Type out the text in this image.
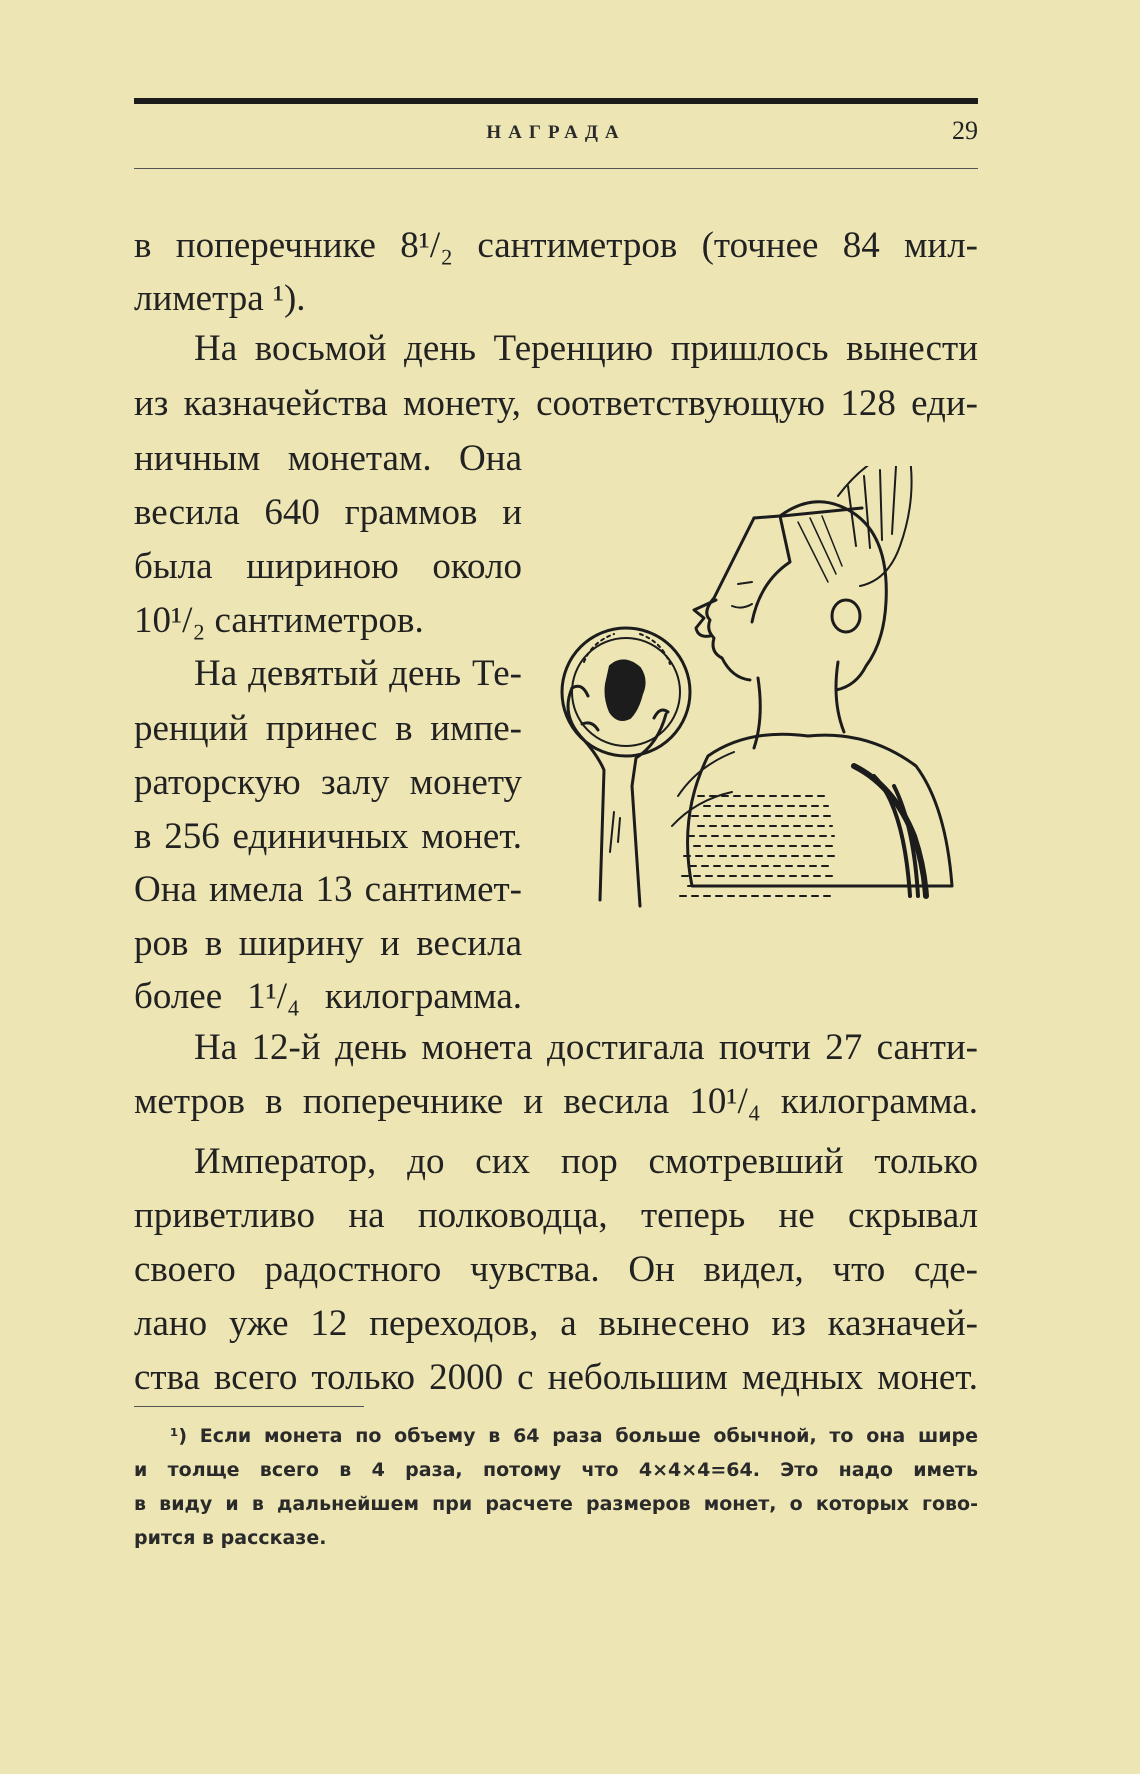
НАГРАДА	29
в поперечнике 8¹/₂ сантиметров (точнее 84 мил-
лиметра ¹).
На восьмой день Теренцию пришлось вынести
из казначейства монету, соответствующую 128 еди-
ничным монетам. Она
весила 640 граммов и
была шириною около
10¹/₂ сантиметров.
На девятый день Те-
ренций принес в импе-
раторскую залу монету
в 256 единичных монет.
Она имела 13 сантимет-
ров в ширину и весила
более 1¹/₄ килограмма.
На 12-й день монета достигала почти 27 санти-
метров в поперечнике и весила 10¹/₄ килограмма.
Император, до сих пор смотревший только
приветливо на полководца, теперь не скрывал
своего радостного чувства. Он видел, что сде-
лано уже 12 переходов, а вынесено из казначей-
ства всего только 2000 с небольшим медных монет.
¹) Если монета по объему в 64 раза больше обычной, то она шире
и толще всего в 4 раза, потому что 4×4×4=64. Это надо иметь
в виду и в дальнейшем при расчете размеров монет, о которых гово-
рится в рассказе.
